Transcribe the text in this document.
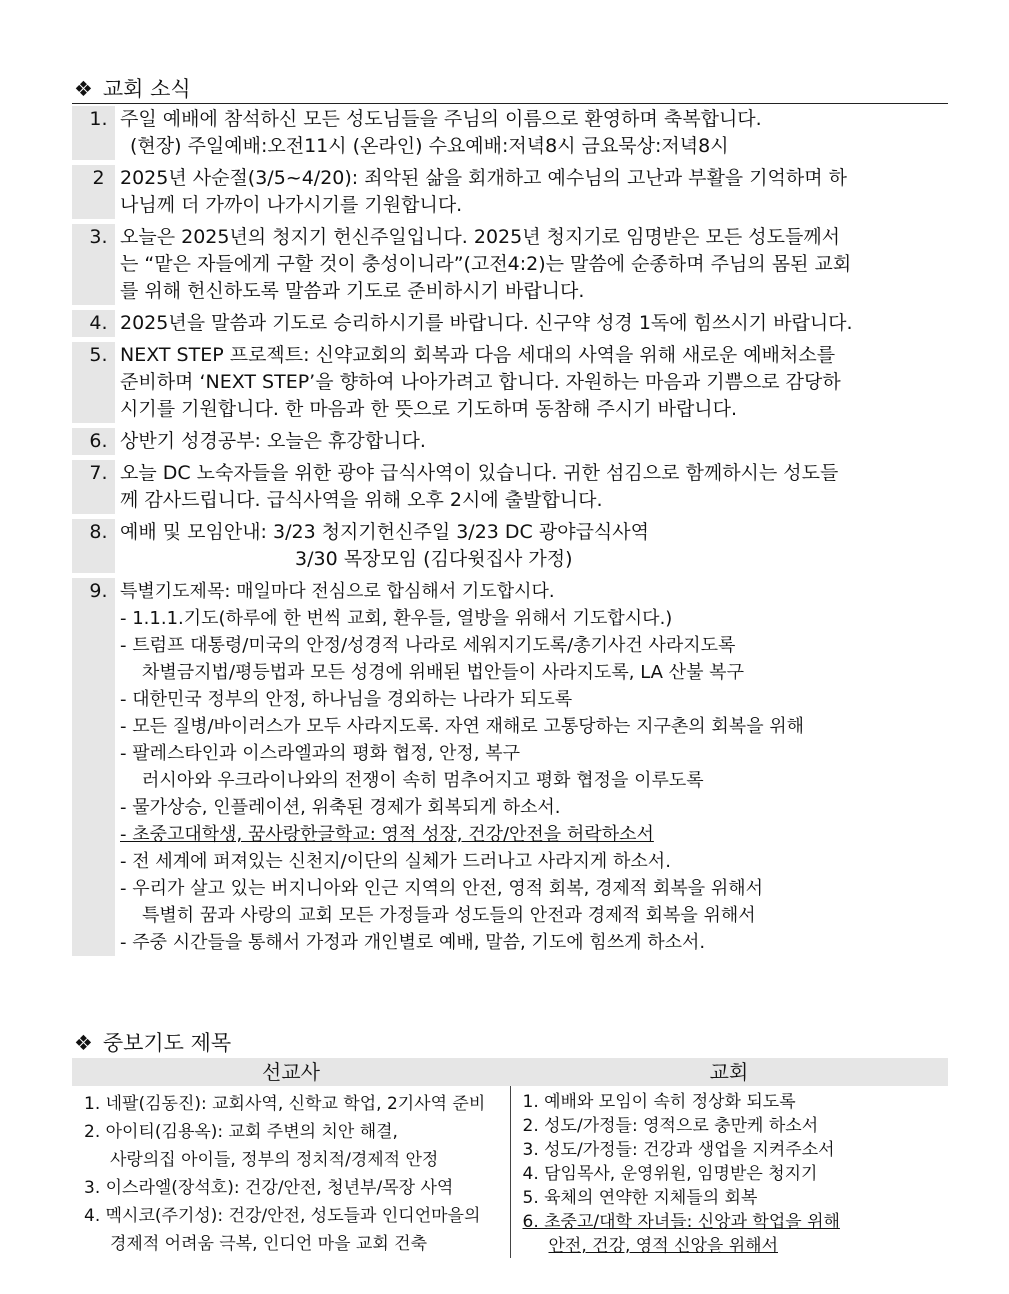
❖ 교회 소식
1. 주일 예배에 참석하신 모든 성도님들을 주님의 이름으로 환영하며 축복합니다.
(현장) 주일예배:오전11시 (온라인) 수요예배:저녁8시 금요묵상:저녁8시
2 2025년 사순절(3/5~4/20): 죄악된 삶을 회개하고 예수님의 고난과 부활을 기억하며 하
나님께 더 가까이 나가시기를 기원합니다.
3. 오늘은 2025년의 청지기 헌신주일입니다. 2025년 청지기로 임명받은 모든 성도들께서
는 “맡은 자들에게 구할 것이 충성이니라”(고전4:2)는 말씀에 순종하며 주님의 몸된 교회
를 위해 헌신하도록 말씀과 기도로 준비하시기 바랍니다.
4. 2025년을 말씀과 기도로 승리하시기를 바랍니다. 신구약 성경 1독에 힘쓰시기 바랍니다.
5. NEXT STEP 프로젝트: 신약교회의 회복과 다음 세대의 사역을 위해 새로운 예배처소를
준비하며 ‘NEXT STEP’을 향하여 나아가려고 합니다. 자원하는 마음과 기쁨으로 감당하
시기를 기원합니다. 한 마음과 한 뜻으로 기도하며 동참해 주시기 바랍니다.
6. 상반기 성경공부: 오늘은 휴강합니다.
7. 오늘 DC 노숙자들을 위한 광야 급식사역이 있습니다. 귀한 섬김으로 함께하시는 성도들
께 감사드립니다. 급식사역을 위해 오후 2시에 출발합니다.
8. 예배 및 모임안내: 3/23 청지기헌신주일 3/23 DC 광야급식사역
3/30 목장모임 (김다윗집사 가정)
9. 특별기도제목: 매일마다 전심으로 합심해서 기도합시다.
- 1.1.1.기도(하루에 한 번씩 교회, 환우들, 열방을 위해서 기도합시다.)
- 트럼프 대통령/미국의 안정/성경적 나라로 세워지기도록/총기사건 사라지도록
차별금지법/평등법과 모든 성경에 위배된 법안들이 사라지도록, LA 산불 복구
- 대한민국 정부의 안정, 하나님을 경외하는 나라가 되도록
- 모든 질병/바이러스가 모두 사라지도록. 자연 재해로 고통당하는 지구촌의 회복을 위해
- 팔레스타인과 이스라엘과의 평화 협정, 안정, 복구
러시아와 우크라이나와의 전쟁이 속히 멈추어지고 평화 협정을 이루도록
- 물가상승, 인플레이션, 위축된 경제가 회복되게 하소서.
- 초중고대학생, 꿈사랑한글학교: 영적 성장, 건강/안전을 허락하소서
- 전 세계에 퍼져있는 신천지/이단의 실체가 드러나고 사라지게 하소서.
- 우리가 살고 있는 버지니아와 인근 지역의 안전, 영적 회복, 경제적 회복을 위해서
특별히 꿈과 사랑의 교회 모든 가정들과 성도들의 안전과 경제적 회복을 위해서
- 주중 시간들을 통해서 가정과 개인별로 예배, 말씀, 기도에 힘쓰게 하소서.
❖ 중보기도 제목
선교사	교회
1. 네팔(김동진): 교회사역, 신학교 학업, 2기사역 준비
2. 아이티(김용옥): 교회 주변의 치안 해결,
사랑의집 아이들, 정부의 정치적/경제적 안정
3. 이스라엘(장석호): 건강/안전, 청년부/목장 사역
4. 멕시코(주기성): 건강/안전, 성도들과 인디언마을의
경제적 어려움 극복, 인디언 마을 교회 건축
1. 예배와 모임이 속히 정상화 되도록
2. 성도/가정들: 영적으로 충만케 하소서
3. 성도/가정들: 건강과 생업을 지켜주소서
4. 담임목사, 운영위원, 임명받은 청지기
5. 육체의 연약한 지체들의 회복
6. 초중고/대학 자녀들: 신앙과 학업을 위해
안전, 건강, 영적 신앙을 위해서
